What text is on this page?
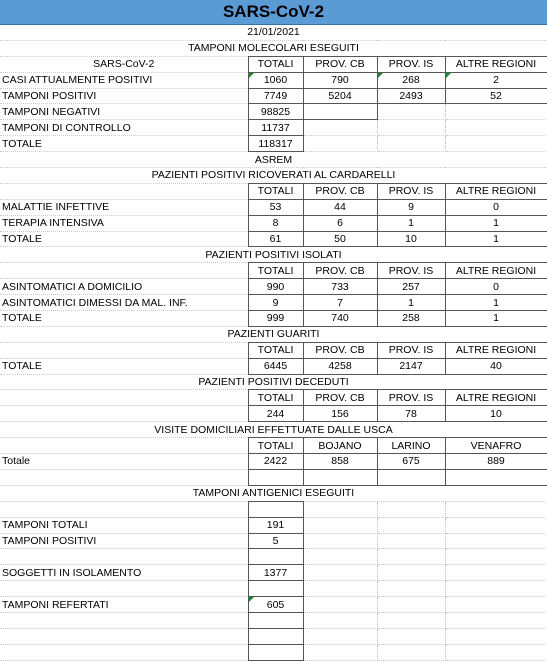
SARS-CoV-2
21/01/2021				
TAMPONI MOLECOLARI ESEGUITI				
SARS-CoV-2	TOTALI	PROV. CB	PROV. IS	ALTRE REGIONI
CASI ATTUALMENTE POSITIVI	1060	790	268	2
TAMPONI POSITIVI	7749	5204	2493	52
TAMPONI NEGATIVI	98825			
TAMPONI DI CONTROLLO	11737			
TOTALE	118317			
ASREM				
PAZIENTI POSITIVI RICOVERATI AL CARDARELLI				
	TOTALI	PROV. CB	PROV. IS	ALTRE REGIONI
MALATTIE INFETTIVE	53	44	9	0
TERAPIA INTENSIVA	8	6	1	1
TOTALE	61	50	10	1
PAZIENTI POSITIVI ISOLATI				
	TOTALI	PROV. CB	PROV. IS	ALTRE REGIONI
ASINTOMATICI A DOMICILIO	990	733	257	0
ASINTOMATICI DIMESSI DA MAL. INF.	9	7	1	1
TOTALE	999	740	258	1
PAZIENTI GUARITI				
	TOTALI	PROV. CB	PROV. IS	ALTRE REGIONI
TOTALE	6445	4258	2147	40
PAZIENTI POSITIVI DECEDUTI				
	TOTALI	PROV. CB	PROV. IS	ALTRE REGIONI
	244	156	78	10
VISITE DOMICILIARI EFFETTUATE DALLE USCA				
	TOTALI	BOJANO	LARINO	VENAFRO
Totale	2422	858	675	889

TAMPONI ANTIGENICI ESEGUITI				

TAMPONI TOTALI	191			
TAMPONI POSITIVI	5			

SOGGETTI IN ISOLAMENTO	1377			

TAMPONI REFERTATI	605			
